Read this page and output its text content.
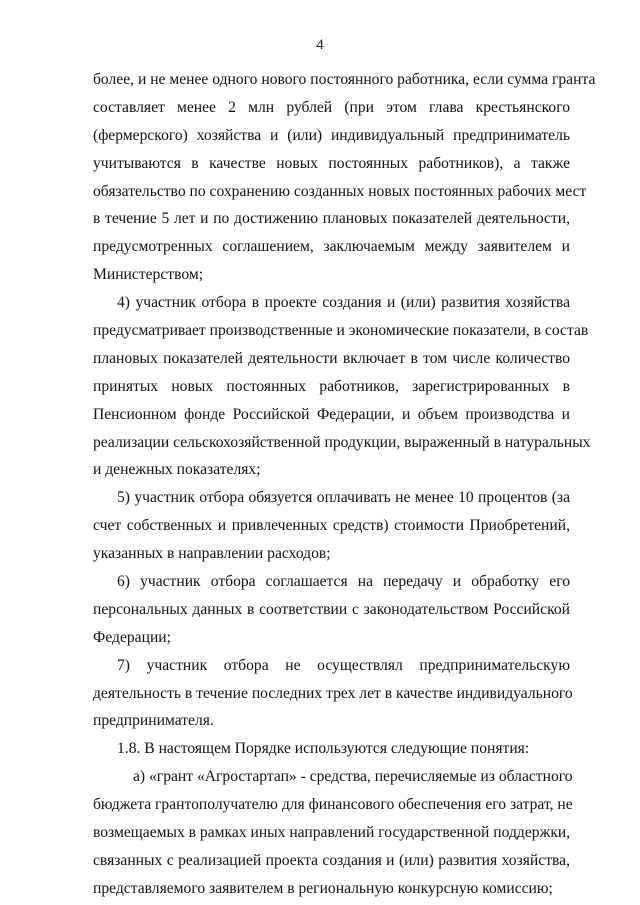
4
более, и не менее одного нового постоянного работника, если сумма гранта
составляет менее 2 млн рублей (при этом глава крестьянского
(фермерского) хозяйства и (или) индивидуальный предприниматель
учитываются в качестве новых постоянных работников), а также
обязательство по сохранению созданных новых постоянных рабочих мест
в течение 5 лет и по достижению плановых показателей деятельности,
предусмотренных соглашением, заключаемым между заявителем и
Министерством;
4) участник отбора в проекте создания и (или) развития хозяйства
предусматривает производственные и экономические показатели, в состав
плановых показателей деятельности включает в том числе количество
принятых новых постоянных работников, зарегистрированных в
Пенсионном фонде Российской Федерации, и объем производства и
реализации сельскохозяйственной продукции, выраженный в натуральных
и денежных показателях;
5) участник отбора обязуется оплачивать не менее 10 процентов (за
счет собственных и привлеченных средств) стоимости Приобретений,
указанных в направлении расходов;
6) участник отбора соглашается на передачу и обработку его
персональных данных в соответствии с законодательством Российской
Федерации;
7) участник отбора не осуществлял предпринимательскую
деятельность в течение последних трех лет в качестве индивидуального
предпринимателя.
1.8. В настоящем Порядке используются следующие понятия:
а) «грант «Агростартап» - средства, перечисляемые из областного
бюджета грантополучателю для финансового обеспечения его затрат, не
возмещаемых в рамках иных направлений государственной поддержки,
связанных с реализацией проекта создания и (или) развития хозяйства,
представляемого заявителем в региональную конкурсную комиссию;
